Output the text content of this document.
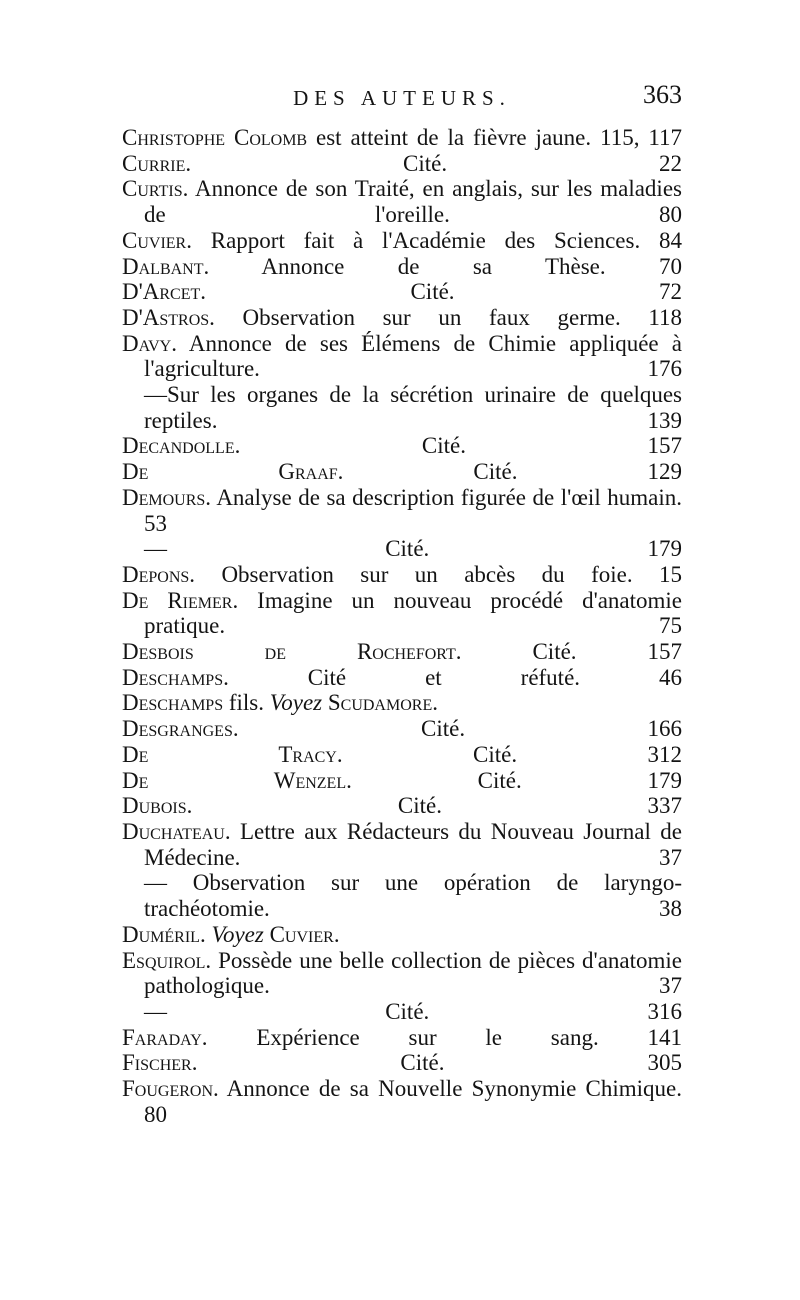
DES AUTEURS.	363
Christophe Colomb est atteint de la fièvre jaune. 115, 117
Currie. Cité.	22
Curtis. Annonce de son Traité, en anglais, sur les maladies de l'oreille.	80
Cuvier. Rapport fait à l'Académie des Sciences. 84
Dalbant. Annonce de sa Thèse. 70
D'Arcet. Cité.	72
D'Astros. Observation sur un faux germe. 118
Davy. Annonce de ses Élémens de Chimie appliquée à l'agriculture.	176
—Sur les organes de la sécrétion urinaire de quelques reptiles.	139
Decandolle. Cité.	157
De Graaf. Cité.	129
Demours. Analyse de sa description figurée de l'œil humain. 53
— Cité.	179
Depons. Observation sur un abcès du foie. 15
De Riemer. Imagine un nouveau procédé d'anatomie pratique.	75
Desbois de Rochefort. Cité.	157
Deschamps. Cité et réfuté.	46
Deschamps fils. Voyez Scudamore.
Desgranges. Cité.	166
De Tracy. Cité.	312
De Wenzel. Cité.	179
Dubois. Cité.	337
Duchateau. Lettre aux Rédacteurs du Nouveau Journal de Médecine.	37
— Observation sur une opération de laryngo-trachéotomie.	38
Duméril. Voyez Cuvier.
Esquirol. Possède une belle collection de pièces d'anatomie pathologique.	37
— Cité.	316
Faraday. Expérience sur le sang. 141
Fischer. Cité.	305
Fougeron. Annonce de sa Nouvelle Synonymie Chimique. 80
